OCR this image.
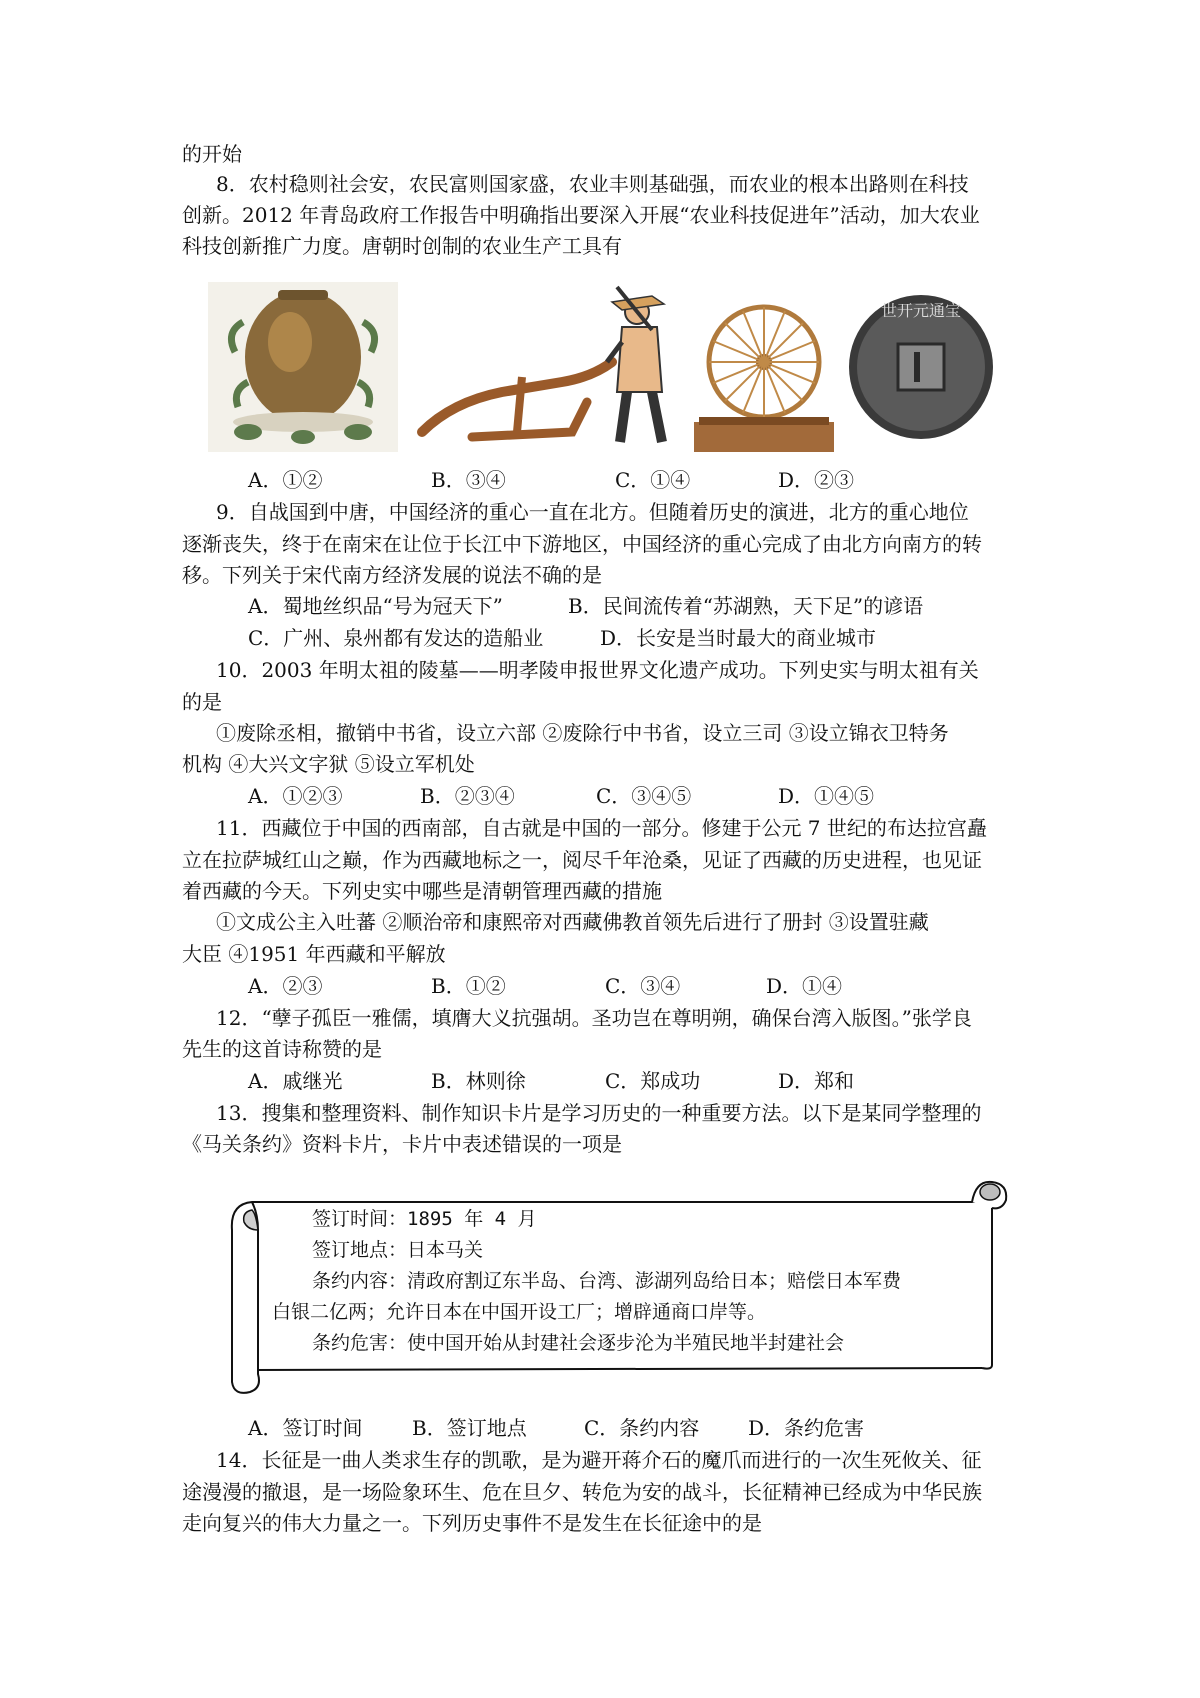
的开始
8．农村稳则社会安，农民富则国家盛，农业丰则基础强，而农业的根本出路则在科技
创新。2012 年青岛政府工作报告中明确指出要深入开展“农业科技促进年”活动，加大农业
科技创新推广力度。唐朝时创制的农业生产工具有
世开元通宝
A．①②	B．③④	C．①④	D．②③
9．自战国到中唐，中国经济的重心一直在北方。但随着历史的演进，北方的重心地位
逐渐丧失，终于在南宋在让位于长江中下游地区，中国经济的重心完成了由北方向南方的转
移。下列关于宋代南方经济发展的说法不确的是
A．蜀地丝织品“号为冠天下”	B．民间流传着“苏湖熟，天下足”的谚语
C．广州、泉州都有发达的造船业	D．长安是当时最大的商业城市
10．2003 年明太祖的陵墓——明孝陵申报世界文化遗产成功。下列史实与明太祖有关
的是
①废除丞相，撤销中书省，设立六部 ②废除行中书省，设立三司 ③设立锦衣卫特务
机构 ④大兴文字狱 ⑤设立军机处
A．①②③	B．②③④	C．③④⑤	D．①④⑤
11．西藏位于中国的西南部，自古就是中国的一部分。修建于公元 7 世纪的布达拉宫矗
立在拉萨城红山之巅，作为西藏地标之一，阅尽千年沧桑，见证了西藏的历史进程，也见证
着西藏的今天。下列史实中哪些是清朝管理西藏的措施
①文成公主入吐蕃 ②顺治帝和康熙帝对西藏佛教首领先后进行了册封 ③设置驻藏
大臣 ④1951 年西藏和平解放
A．②③	B．①②	C．③④	D．①④
12．“孽子孤臣一雅儒，填膺大义抗强胡。圣功岂在尊明朔，确保台湾入版图。”张学良
先生的这首诗称赞的是
A．戚继光	B．林则徐	C．郑成功	D．郑和
13．搜集和整理资料、制作知识卡片是学习历史的一种重要方法。以下是某同学整理的
《马关条约》资料卡片，卡片中表述错误的一项是
签订时间：1895 年 4 月
签订地点：日本马关
条约内容：清政府割辽东半岛、台湾、澎湖列岛给日本；赔偿日本军费
白银二亿两；允许日本在中国开设工厂；增辟通商口岸等。
条约危害：使中国开始从封建社会逐步沦为半殖民地半封建社会
A．签订时间 B．签订地点	C．条约内容 D．条约危害
14．长征是一曲人类求生存的凯歌，是为避开蒋介石的魔爪而进行的一次生死攸关、征
途漫漫的撤退，是一场险象环生、危在旦夕、转危为安的战斗，长征精神已经成为中华民族
走向复兴的伟大力量之一。下列历史事件不是发生在长征途中的是
